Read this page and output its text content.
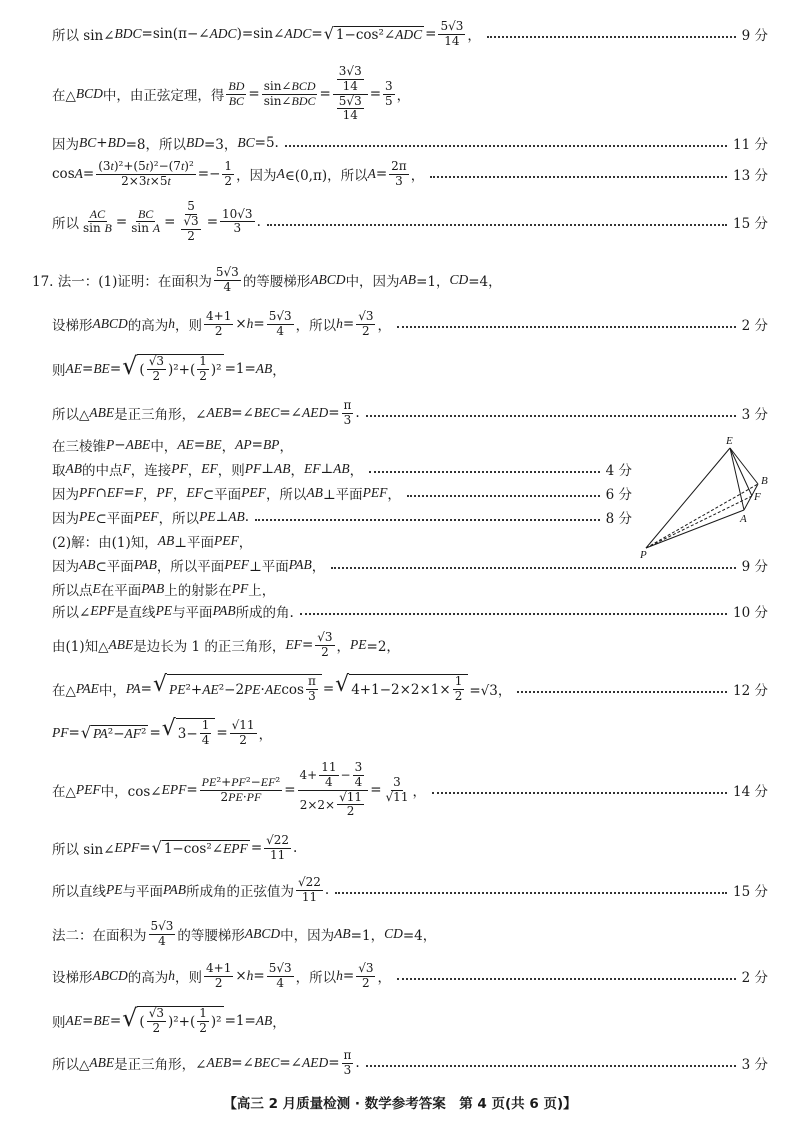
所以 sin∠ BDC =sin(π−∠ ADC )=sin∠ ADC = √ 1−cos²∠ ADC = $\frac{5√3}{14}$ ，	9 分
在△ BCD 中，由正弦定理，得 $\frac{BD}{BC} = \frac{\text{sin∠BCD}}{\text{sin∠BDC}} = \frac{\frac{3√3}{14}}{\frac{5√3}{14}} = \frac{3}{5}$ ，
因为 BC + BD =8，所以 BD =3， BC =5.	11 分
$\cos A = \frac{\text{(3t)²+(5t)²−(7t)²}}{2\times 3t\times 5t} =- \frac{1}{2}$ ，因为 A ∈(0,π)，所以 $A = \frac{2\pi}{3}$ ，	13 分
所以 $\frac{AC}{\text{sin B}} = \frac{BC}{\text{sin A}} = \frac{5}{\frac{√3}{2}} = \frac{10√3}{3}$ .	15 分
17. 法一：(1)证明：在面积为 $\frac{5√3}{4}$ 的等腰梯形 ABCD 中，因为 AB =1， CD =4，
设梯形 ABCD 的高为 h ，则 $\frac{4+1}{2} \times h = \frac{5√3}{4}$ ，所以 $h = \frac{√3}{2}$ ，	2 分
则 AE = BE = √ ( $\frac{√3}{2} )^2+( \frac{1}{2} )^2 =1=$ AB ，
所以△ ABE 是正三角形，∠ AEB =∠ BEC =∠ AED = $\frac{\pi}{3}$ .	3 分
在三棱锥 P − ABE 中， AE = BE ， AP = BP ，
取 AB 的中点 F ，连接 PF ， EF ，则 PF ⊥ AB ， EF ⊥ AB ，	4 分
因为 PF ∩ EF = F ， PF ， EF ⊂平面 PEF ，所以 AB ⊥平面 PEF ，	6 分
因为 PE ⊂平面 PEF ，所以 PE ⊥ AB .	8 分
(2)解：由(1)知， AB ⊥平面 PEF ，
因为 AB ⊂平面 PAB ，所以平面 PEF ⊥平面 PAB ，	9 分
所以点 E 在平面 PAB 上的射影在 PF 上，
所以∠ EPF 是直线 PE 与平面 PAB 所成的角.	10 分
由(1)知△ ABE 是边长为 1 的正三角形， EF = $\frac{√3}{2}$ ， PE =2，
在△ PAE 中， PA = √ PE ²+ AE ²−2 PE · AE $\cos \frac{\pi}{3}$ = √ $4+1-2\times 2\times 1\times \frac{1}{2} =√3$，	12 分
PF = √ PA ²− AF ² = √ $3- \frac{1}{4} = \frac{√11}{2}$ ，
在△ PEF 中，cos∠ EPF = $\frac{\text{PE²+PF²−EF²}}{2PE\cdot PF} = \frac{4+ \frac{11}{4} - \frac{3}{4}}{2\times 2\times \frac{√11}{2}} = \frac{3}{√11}$ ，	14 分
所以 sin∠ EPF = √ 1−cos²∠ EPF = $\frac{√22}{11}$ .
所以直线 PE 与平面 PAB 所成角的正弦值为 $\frac{√22}{11}$ .	15 分
法二：在面积为 $\frac{5√3}{4}$ 的等腰梯形 ABCD 中，因为 AB =1， CD =4，
设梯形 ABCD 的高为 h ，则 $\frac{4+1}{2} \times h = \frac{5√3}{4}$ ，所以 $h = \frac{√3}{2}$ ，	2 分
则 AE = BE = √ ( $\frac{√3}{2} )^2+( \frac{1}{2} )^2 =1=$ AB ，
所以△ ABE 是正三角形，∠ AEB =∠ BEC =∠ AED = $\frac{\pi}{3}$ .	3 分
E
B
F
A
P
【高三 2 月质量检测 · 数学参考答案　第 4 页(共 6 页)】
